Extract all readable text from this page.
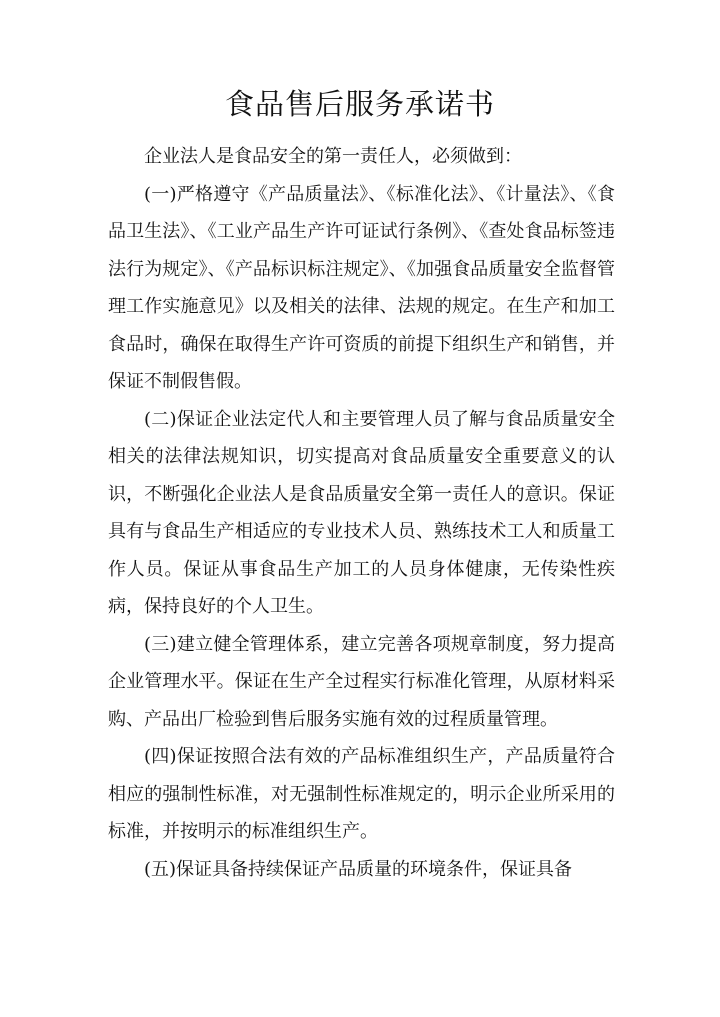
食品售后服务承诺书

企业法人是食品安全的第一责任人，必须做到：

(一)严格遵守《产品质量法》、《标准化法》、《计量法》、《食品卫生法》、《工业产品生产许可证试行条例》、《查处食品标签违法行为规定》、《产品标识标注规定》、《加强食品质量安全监督管理工作实施意见》以及相关的法律、法规的规定。在生产和加工食品时，确保在取得生产许可资质的前提下组织生产和销售，并保证不制假售假。

(二)保证企业法定代人和主要管理人员了解与食品质量安全相关的法律法规知识，切实提高对食品质量安全重要意义的认识，不断强化企业法人是食品质量安全第一责任人的意识。保证具有与食品生产相适应的专业技术人员、熟练技术工人和质量工作人员。保证从事食品生产加工的人员身体健康，无传染性疾病，保持良好的个人卫生。

(三)建立健全管理体系，建立完善各项规章制度，努力提高企业管理水平。保证在生产全过程实行标准化管理，从原材料采购、产品出厂检验到售后服务实施有效的过程质量管理。

(四)保证按照合法有效的产品标准组织生产，产品质量符合相应的强制性标准，对无强制性标准规定的，明示企业所采用的标准，并按明示的标准组织生产。

(五)保证具备持续保证产品质量的环境条件，保证具备
